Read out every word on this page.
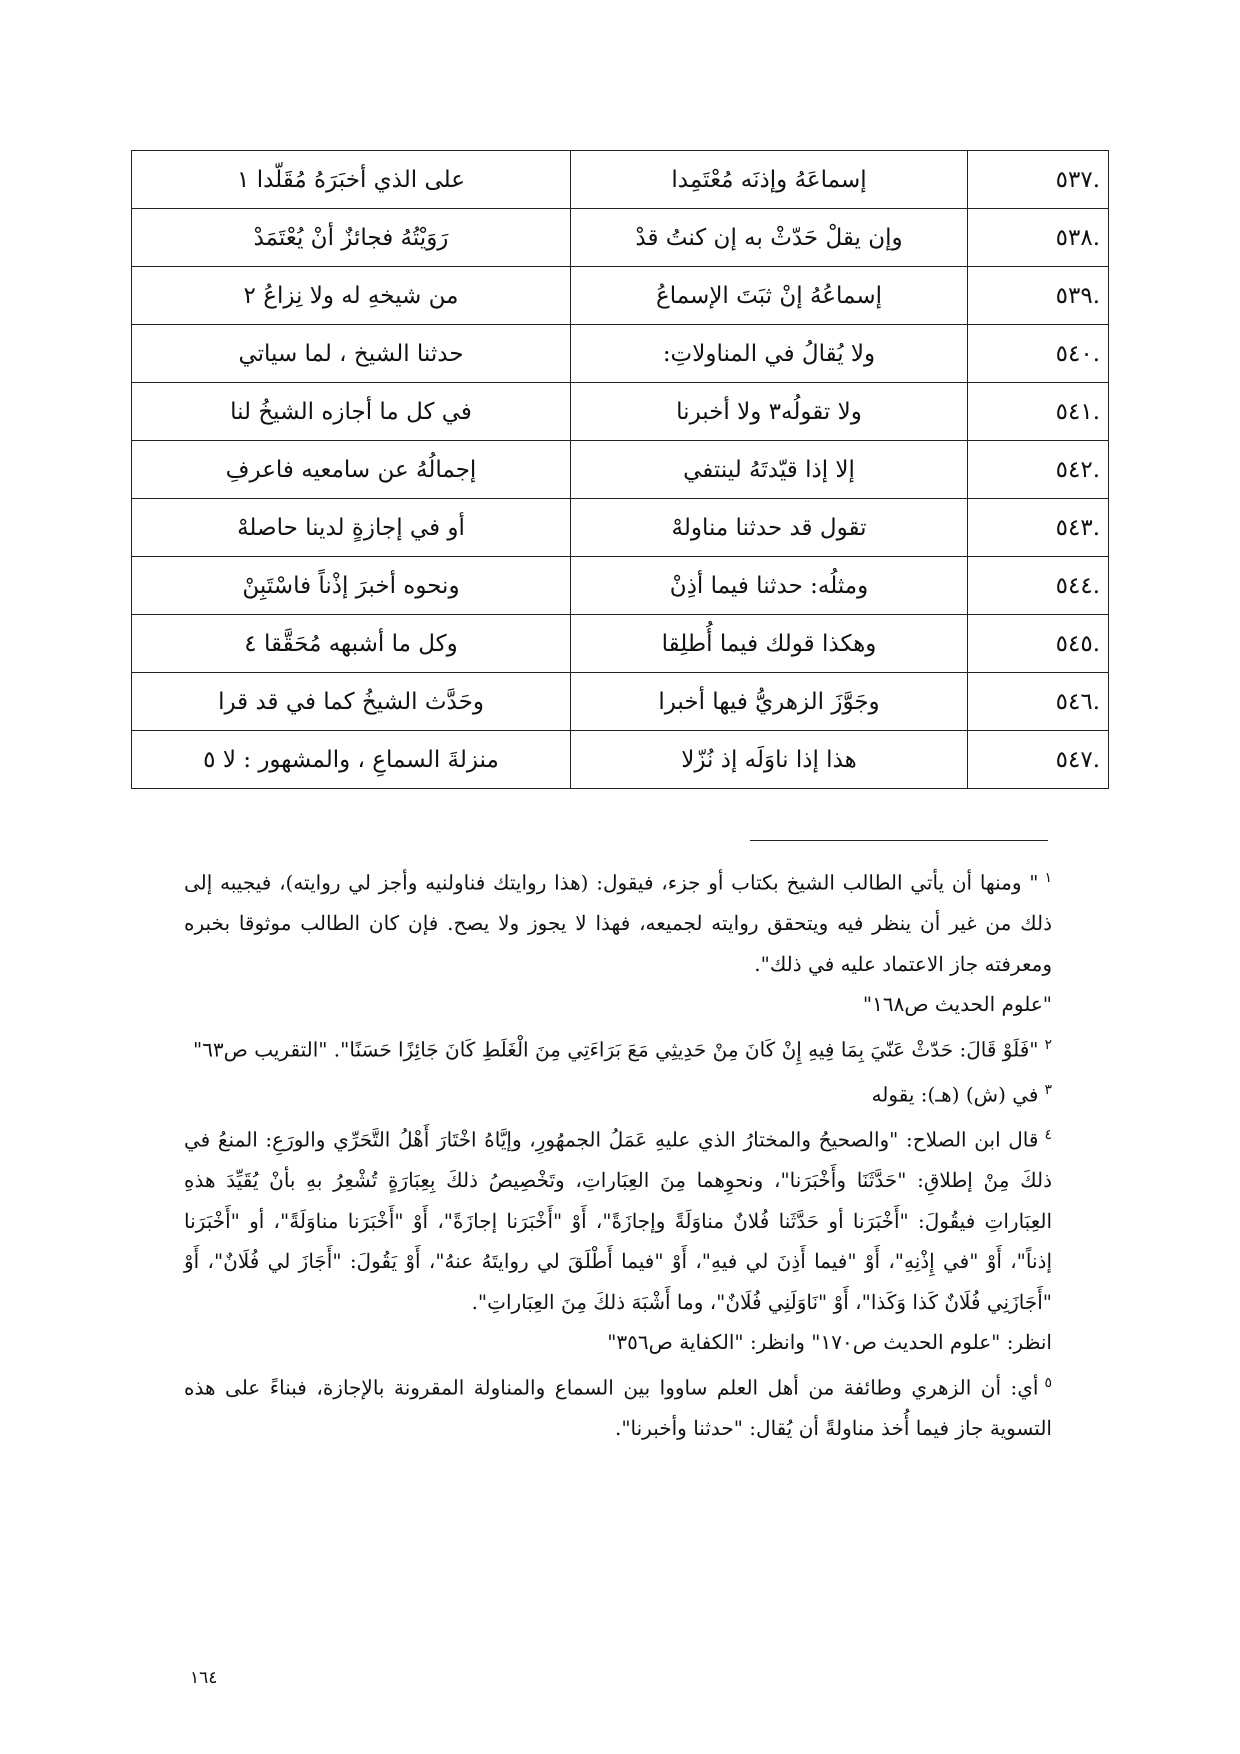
.٥٣٧	إسماعَهُ وإذنَه مُعْتَمِدا	على الذي أخبَرَهُ مُقَلّدا ١
.٥٣٨	وإن يقلْ حَدّثْ به إن كنتُ قدْ	رَوَيْتُهُ فجائزٌ أنْ يُعْتَمَدْ
.٥٣٩	إسماعُهُ إنْ ثبَتَ الإسماعُ	من شيخهِ له ولا نِزاعُ ٢
.٥٤٠	ولا يُقالُ في المناولاتِ:	حدثنا الشيخ ، لما سياتي
.٥٤١	ولا تقولُه٣ ولا أخبرنا	في كل ما أجازه الشيخُ لنا
.٥٤٢	إلا إذا قيّدتَهُ لينتفي	إجمالُهُ عن سامعيه فاعرفِ
.٥٤٣	تقول قد حدثنا مناولهْ	أو في إجازةٍ لدينا حاصلهْ
.٥٤٤	ومثلُه: حدثنا فيما أذِنْ	ونحوه أخبرَ إذْناً فاسْتَبِنْ
.٥٤٥	وهكذا قولك فيما أُطلِقا	وكل ما أشبهه مُحَقَّقا ٤
.٥٤٦	وجَوَّزَ الزهريُّ فيها أخبرا	وحَدَّث الشيخُ كما في قد قرا
.٥٤٧	هذا إذا ناوَلَه إذ نُزّلا	منزلةَ السماعِ ، والمشهور : لا ٥

$^١$" ومنها أن يأتي الطالب الشيخ بكتاب أو جزء، فيقول: (هذا روايتك فناولنيه وأجز لي روايته)، فيجيبه إلى ذلك من غير أن ينظر فيه ويتحقق روايته لجميعه، فهذا لا يجوز ولا يصح. فإن كان الطالب موثوقا بخبره ومعرفته جاز الاعتماد عليه في ذلك".

"علوم الحديث ص١٦٨"

$^٢$"فَلَوْ قَالَ: حَدّثْ عَنّيَ بِمَا فِيهِ إِنْ كَانَ مِنْ حَدِيثِي مَعَ بَرَاءَتِي مِنَ الْغَلَطِ كَانَ جَائِزًا حَسَنًا". "التقريب ص٦٣"

$^٣$في (ش) (هـ): يقوله

$^٤$قال ابن الصلاح: "والصحيحُ والمختارُ الذي عليهِ عَمَلُ الجمهُورِ، وإيَّاهُ اخْتَارَ أَهْلُ التَّحَرِّي والورَعِ: المنعُ في ذلكَ مِنْ إطلاقِ: "حَدَّثَنَا وأَخْبَرَنا"، ونحوِهما مِنَ العِبَاراتِ، وتَخْصِيصُ ذلكَ بِعِبَارَةٍ تُشْعِرُ بهِ بأنْ يُقَيِّدَ هذهِ العِبَاراتِ فيقُولَ: "أَخْبَرَنا أو حَدَّثَنا فُلانٌ مناوَلَةً وإجازَةً"، أَوْ "أَخْبَرَنا إجازَةً"، أَوْ "أَخْبَرَنا مناوَلَةً"، أو "أَخْبَرَنا إذناً"، أَوْ "في إِذْنِهِ"، أَوْ "فيما أَذِنَ لي فيهِ"، أَوْ "فيما أَطْلَقَ لي روايتَهُ عنهُ"، أَوْ يَقُولَ: "أَجَازَ لي فُلَانٌ"، أَوْ "أَجَازَنِي فُلَانٌ كَذا وَكَذا"، أَوْ "نَاوَلَنِي فُلَانٌ"، وما أَشْبَهَ ذلكَ مِنَ العِبَاراتِ".

انظر: "علوم الحديث ص١٧٠" وانظر: "الكفاية ص٣٥٦"

$^٥$أي: أن الزهري وطائفة من أهل العلم ساووا بين السماع والمناولة المقرونة بالإجازة، فبناءً على هذه التسوية جاز فيما أُخذ مناولةً أن يُقال: "حدثنا وأخبرنا".

١٦٤
